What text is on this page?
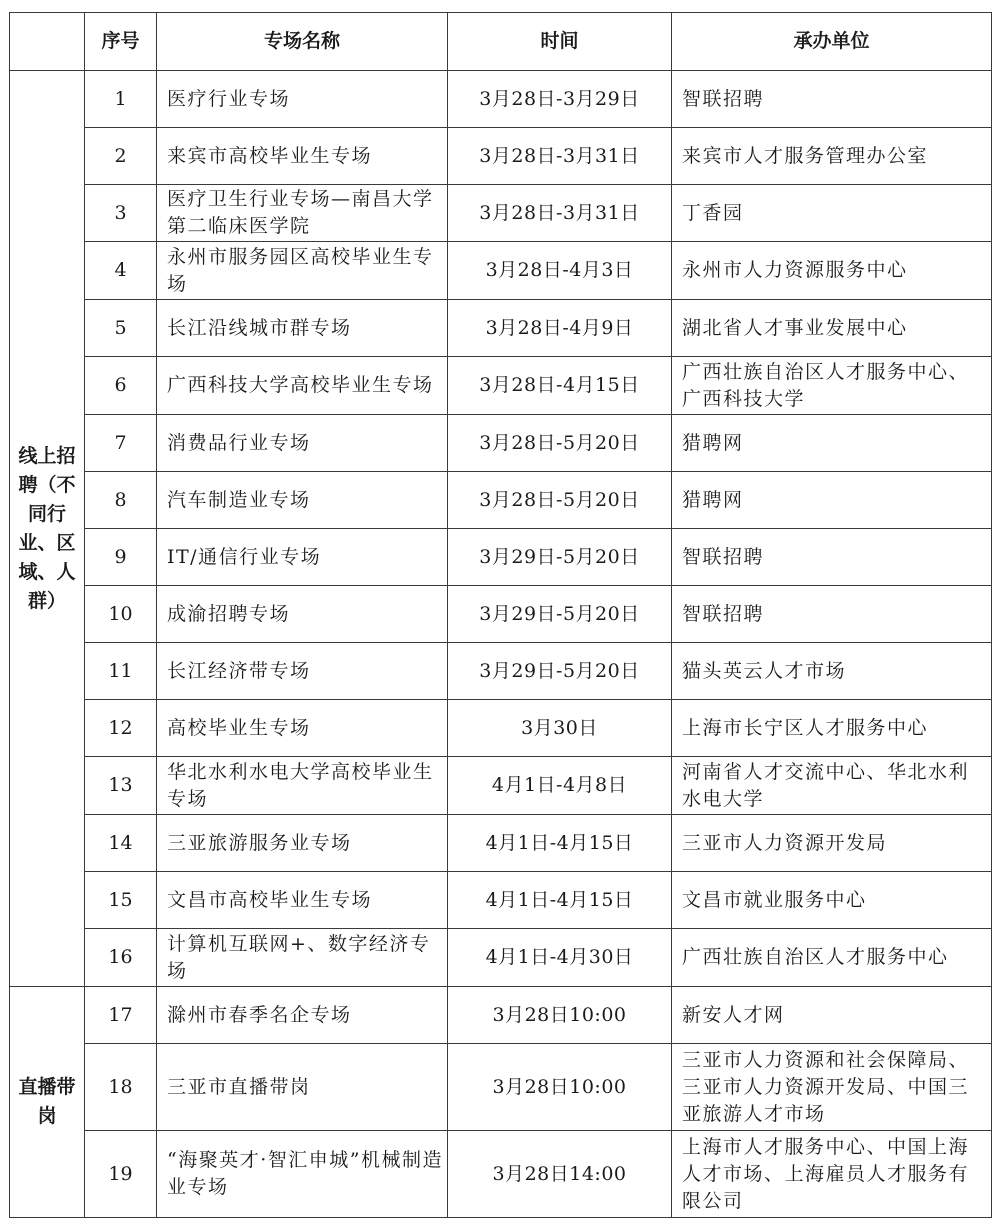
	序号	专场名称	时间	承办单位
线上招聘（不同行业、区域、人群）	1	医疗行业专场	3月28日-3月29日	智联招聘
	2	来宾市高校毕业生专场	3月28日-3月31日	来宾市人才服务管理办公室
	3	医疗卫生行业专场—南昌大学第二临床医学院	3月28日-3月31日	丁香园
	4	永州市服务园区高校毕业生专场	3月28日-4月3日	永州市人力资源服务中心
	5	长江沿线城市群专场	3月28日-4月9日	湖北省人才事业发展中心
	6	广西科技大学高校毕业生专场	3月28日-4月15日	广西壮族自治区人才服务中心、广西科技大学
	7	消费品行业专场	3月28日-5月20日	猎聘网
	8	汽车制造业专场	3月28日-5月20日	猎聘网
	9	IT/通信行业专场	3月29日-5月20日	智联招聘
	10	成渝招聘专场	3月29日-5月20日	智联招聘
	11	长江经济带专场	3月29日-5月20日	猫头英云人才市场
	12	高校毕业生专场	3月30日	上海市长宁区人才服务中心
	13	华北水利水电大学高校毕业生专场	4月1日-4月8日	河南省人才交流中心、华北水利水电大学
	14	三亚旅游服务业专场	4月1日-4月15日	三亚市人力资源开发局
	15	文昌市高校毕业生专场	4月1日-4月15日	文昌市就业服务中心
	16	计算机互联网+、数字经济专场	4月1日-4月30日	广西壮族自治区人才服务中心
直播带岗	17	滁州市春季名企专场	3月28日10:00	新安人才网
	18	三亚市直播带岗	3月28日10:00	三亚市人力资源和社会保障局、三亚市人力资源开发局、中国三亚旅游人才市场
	19	“海聚英才·智汇申城”机械制造业专场	3月28日14:00	上海市人才服务中心、中国上海人才市场、上海雇员人才服务有限公司
